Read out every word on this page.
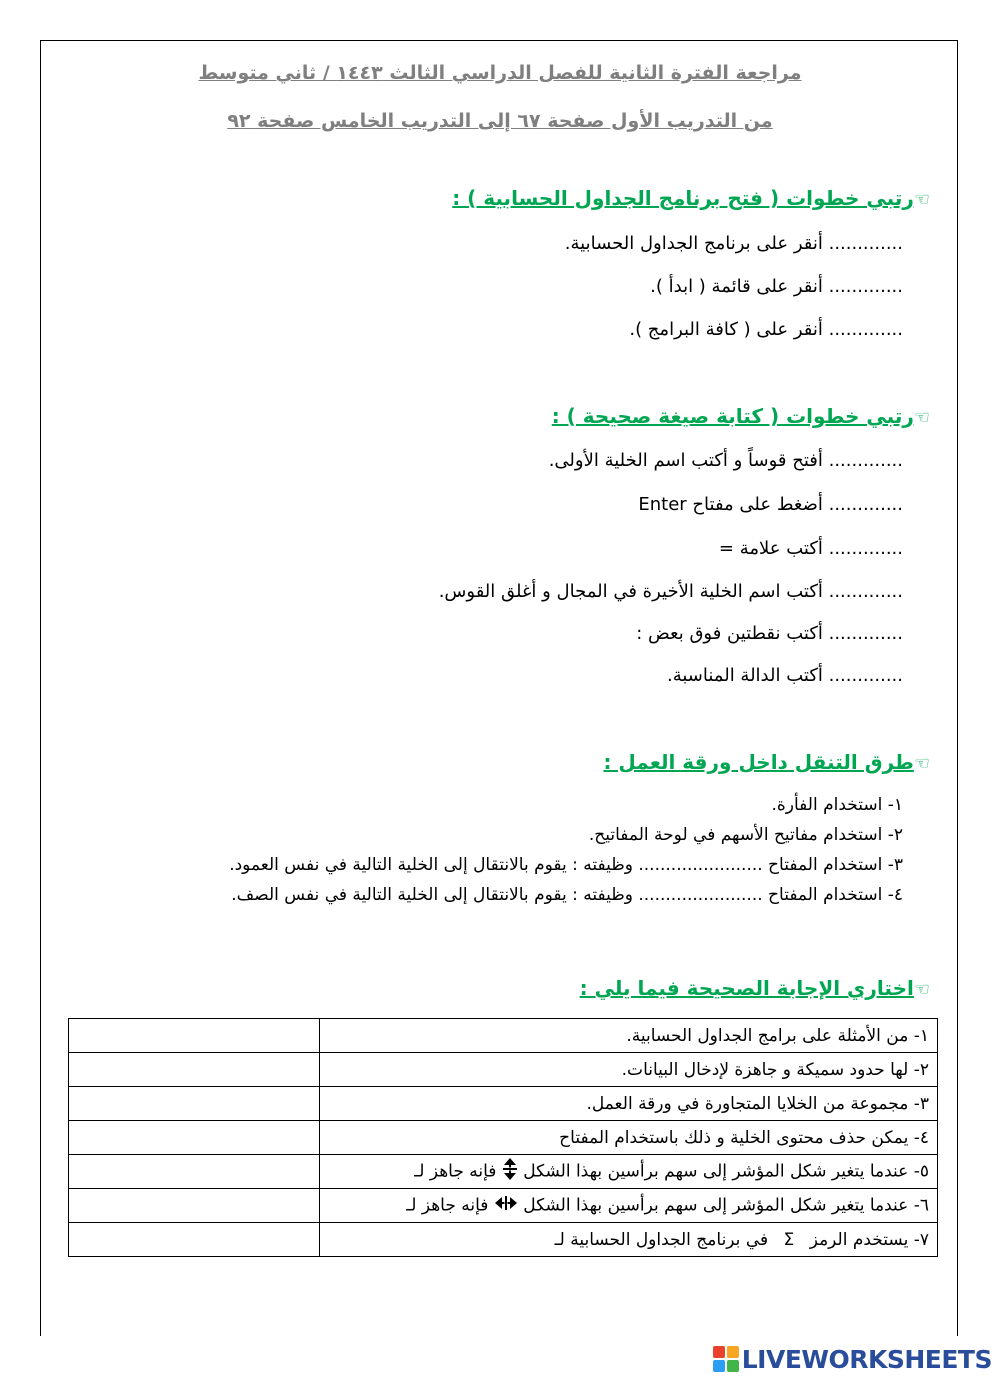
مراجعة الفترة الثانية للفصل الدراسي الثالث ١٤٤٣ / ثاني متوسط
من التدريب الأول صفحة ٦٧ إلى التدريب الخامس صفحة ٩٢
☜رتبي خطوات ( فتح برنامج الجداول الحسابية ) :
............. أنقر على برنامج الجداول الحسابية.
............. أنقر على قائمة ( ابدأ ).
............. أنقر على ( كافة البرامج ).
☜رتبي خطوات ( كتابة صيغة صحيحة ) :
............. أفتح قوساً و أكتب اسم الخلية الأولى.
............. أضغط على مفتاح Enter
............. أكتب علامة =
............. أكتب اسم الخلية الأخيرة في المجال و أغلق القوس.
............. أكتب نقطتين فوق بعض :
............. أكتب الدالة المناسبة.
☜طرق التنقل داخل ورقة العمل :
١- استخدام الفأرة.
٢- استخدام مفاتيح الأسهم في لوحة المفاتيح.
٣- استخدام المفتاح ....................... وظيفته : يقوم بالانتقال إلى الخلية التالية في نفس العمود.
٤- استخدام المفتاح ....................... وظيفته : يقوم بالانتقال إلى الخلية التالية في نفس الصف.
☜اختاري الإجابة الصحيحة فيما يلي :
	١- من الأمثلة على برامج الجداول الحسابية.
	٢- لها حدود سميكة و جاهزة لإدخال البيانات.
	٣- مجموعة من الخلايا المتجاورة في ورقة العمل.
	٤- يمكن حذف محتوى الخلية و ذلك باستخدام المفتاح
	٥- عندما يتغير شكل المؤشر إلى سهم برأسين بهذا الشكل  فإنه جاهز لـ
	٦- عندما يتغير شكل المؤشر إلى سهم برأسين بهذا الشكل  فإنه جاهز لـ
	٧- يستخدم الرمز Σ في برنامج الجداول الحسابية لـ
LIVEWORKSHEETS
